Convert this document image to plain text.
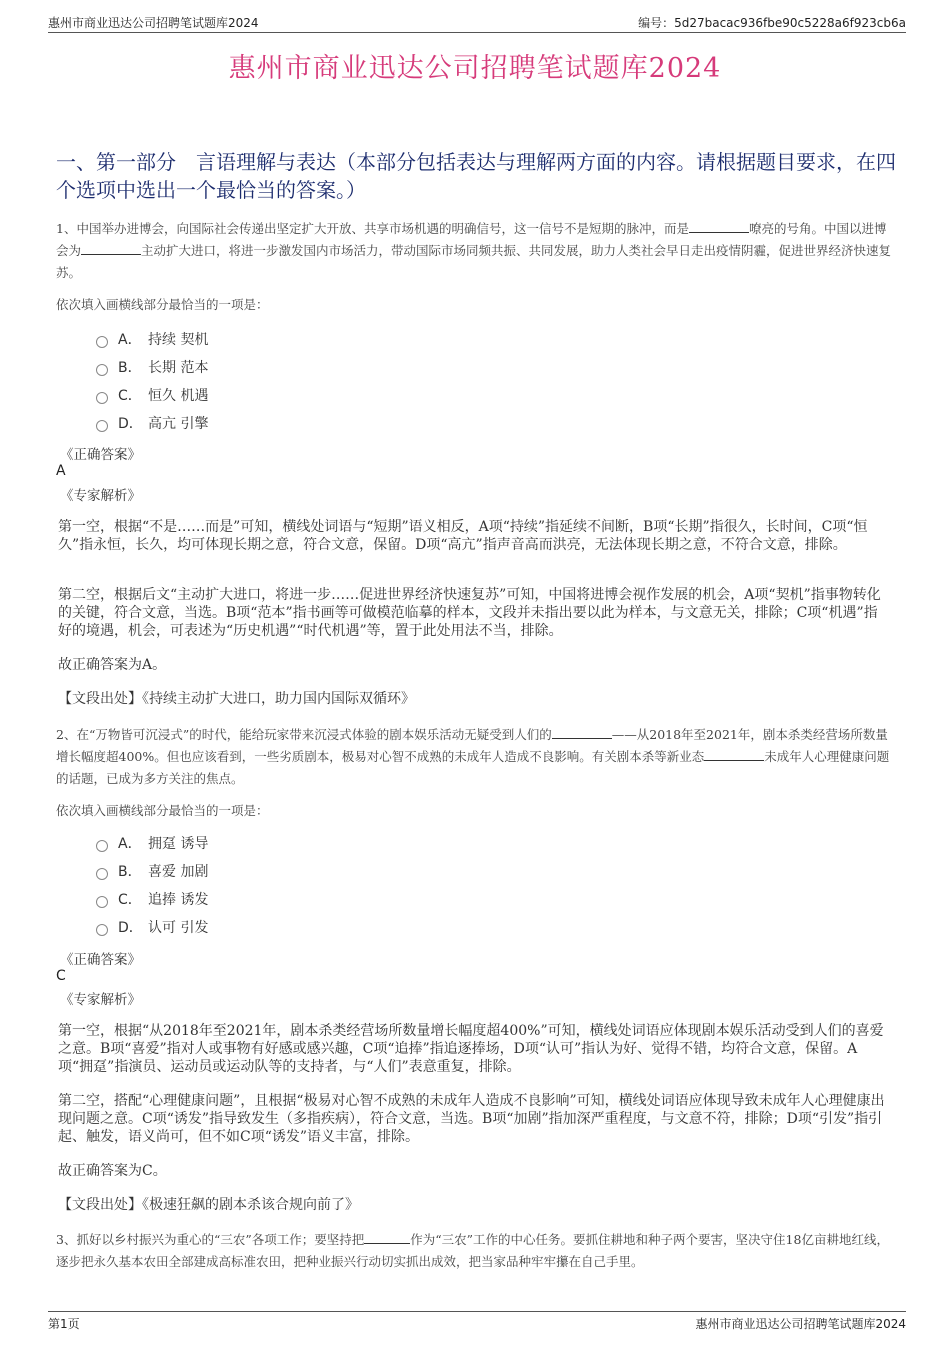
惠州市商业迅达公司招聘笔试题库2024	编号：5d27bacac936fbe90c5228a6f923cb6a
惠州市商业迅达公司招聘笔试题库2024
一、第一部分　言语理解与表达（本部分包括表达与理解两方面的内容。请根据题目要求，在四个选项中选出一个最恰当的答案。）
1、中国举办进博会，向国际社会传递出坚定扩大开放、共享市场机遇的明确信号，这一信号不是短期的脉冲，而是	嘹亮的号角。中国以进博会为	主动扩大进口，将进一步激发国内市场活力，带动国际市场同频共振、共同发展，助力人类社会早日走出疫情阴霾，促进世界经济快速复苏。
依次填入画横线部分最恰当的一项是：
A． 持续 契机
B． 长期 范本
C． 恒久 机遇
D． 高亢 引擎
《正确答案》
A
《专家解析》
第一空，根据“不是……而是”可知，横线处词语与“短期”语义相反，A项“持续”指延续不间断，B项“长期”指很久，长时间，C项“恒久”指永恒，长久，均可体现长期之意，符合文意，保留。D项“高亢”指声音高而洪亮，无法体现长期之意，不符合文意，排除。
第二空，根据后文“主动扩大进口，将进一步……促进世界经济快速复苏”可知，中国将进博会视作发展的机会，A项“契机”指事物转化的关键，符合文意，当选。B项“范本”指书画等可做模范临摹的样本，文段并未指出要以此为样本，与文意无关，排除；C项“机遇”指好的境遇，机会，可表述为“历史机遇”“时代机遇”等，置于此处用法不当，排除。
故正确答案为A。
【文段出处】《持续主动扩大进口，助力国内国际双循环》
2、在“万物皆可沉浸式”的时代，能给玩家带来沉浸式体验的剧本娱乐活动无疑受到人们的	——从2018年至2021年，剧本杀类经营场所数量增长幅度超400%。但也应该看到，一些劣质剧本，极易对心智不成熟的未成年人造成不良影响。有关剧本杀等新业态	未成年人心理健康问题的话题，已成为多方关注的焦点。
依次填入画横线部分最恰当的一项是：
A． 拥趸 诱导
B． 喜爱 加剧
C． 追捧 诱发
D． 认可 引发
《正确答案》
C
《专家解析》
第一空，根据“从2018年至2021年，剧本杀类经营场所数量增长幅度超400%”可知，横线处词语应体现剧本娱乐活动受到人们的喜爱之意。B项“喜爱”指对人或事物有好感或感兴趣，C项“追捧”指追逐捧场，D项“认可”指认为好、觉得不错，均符合文意，保留。A项“拥趸”指演员、运动员或运动队等的支持者，与“人们”表意重复，排除。
第二空，搭配“心理健康问题”，且根据“极易对心智不成熟的未成年人造成不良影响”可知，横线处词语应体现导致未成年人心理健康出现问题之意。C项“诱发”指导致发生（多指疾病），符合文意，当选。B项“加剧”指加深严重程度，与文意不符，排除；D项“引发”指引起、触发，语义尚可，但不如C项“诱发”语义丰富，排除。
故正确答案为C。
【文段出处】《极速狂飙的剧本杀该合规向前了》
3、抓好以乡村振兴为重心的“三农”各项工作；要坚持把	作为“三农”工作的中心任务。要抓住耕地和种子两个要害，坚决守住18亿亩耕地红线，逐步把永久基本农田全部建成高标准农田，把种业振兴行动切实抓出成效，把当家品种牢牢攥在自己手里。
第1页	惠州市商业迅达公司招聘笔试题库2024
